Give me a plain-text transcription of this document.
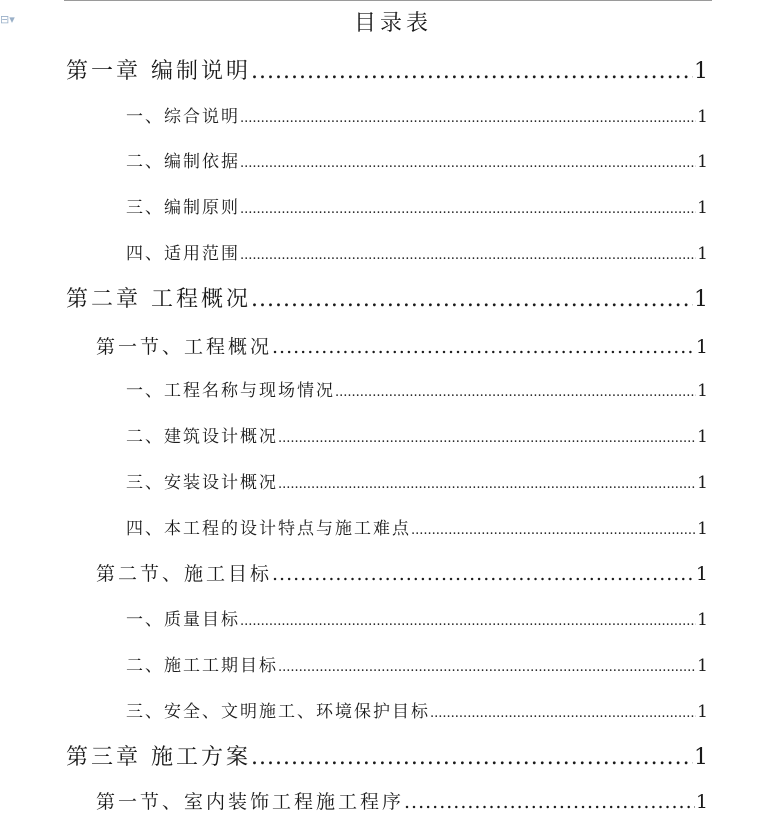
⊟▾	目录表
第一章 编制说明 .....	1
一、综合说明 .....	1
二、编制依据 .....	1
三、编制原则 .....	1
四、适用范围 .....	1
第二章 工程概况 .....	1
第一节、工程概况 .....	1
一、工程名称与现场情况 .....	1
二、建筑设计概况 .....	1
三、安装设计概况 .....	1
四、本工程的设计特点与施工难点 .....	1
第二节、施工目标 .....	1
一、质量目标 .....	1
二、施工工期目标 .....	1
三、安全、文明施工、环境保护目标 .....	1
第三章 施工方案 .....	1
第一节、室内装饰工程施工程序 .....	1
